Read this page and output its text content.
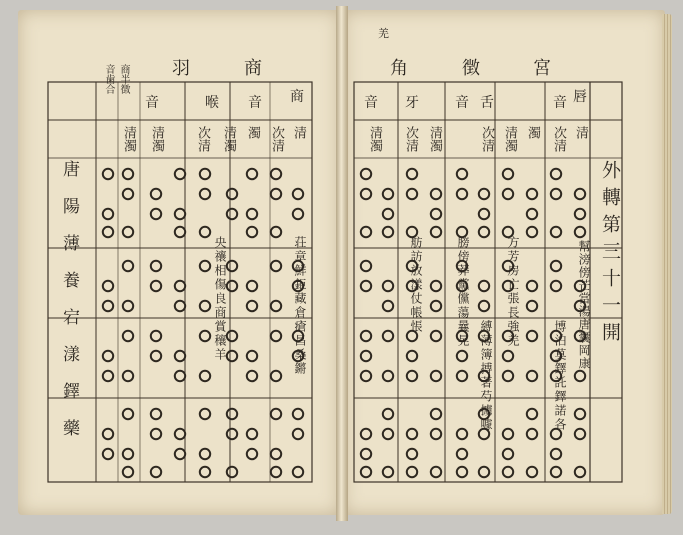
商
羽
商半徴
音歯合
商
音
喉
音
清
次清
濁
清濁
次清
清濁
清濁
荘章鮮鉅藏倉瘡昌桑鏘
央禳相傷良商賞穰羊
唐陽薄養宕漾鐸藥
羌
宮
徴
角
唇
音
舌
音
牙
音
清
次清
濁
清濁
次清
清濁
次清
清濁
外轉第三十一開
幫滂傍芒當湯唐囊岡康
方芳房亡張長強羌
膀傍莽黨儻蕩曩晃
舫訪放漾仗帳悵
博泊莫鐸託鐸諾各
縛薄簿搏著芍擄噱
